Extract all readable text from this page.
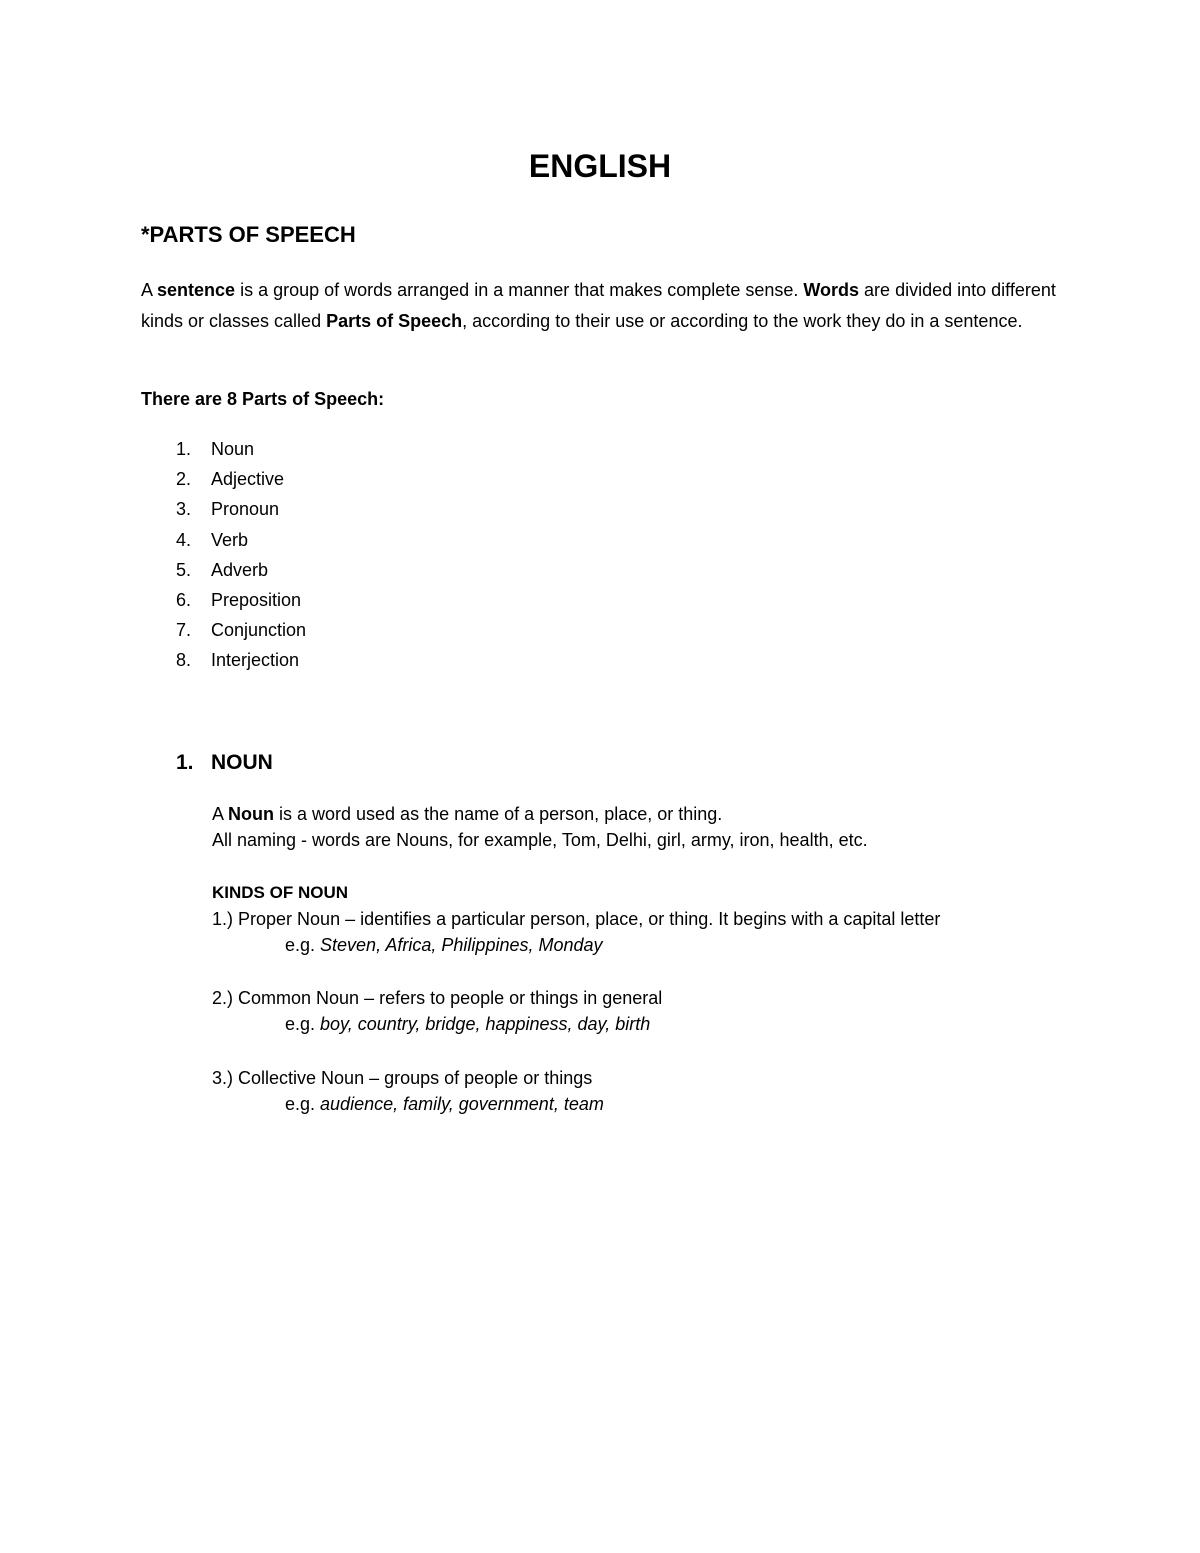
ENGLISH
*PARTS OF SPEECH

A sentence is a group of words arranged in a manner that makes complete sense. Words are divided into different kinds or classes called Parts of Speech, according to their use or according to the work they do in a sentence.

There are 8 Parts of Speech:
1. Noun
2. Adjective
3. Pronoun
4. Verb
5. Adverb
6. Preposition
7. Conjunction
8. Interjection
1. NOUN
A Noun is a word used as the name of a person, place, or thing.
All naming - words are Nouns, for example, Tom, Delhi, girl, army, iron, health, etc.
KINDS OF NOUN
1.) Proper Noun – identifies a particular person, place, or thing. It begins with a capital letter
e.g. Steven, Africa, Philippines, Monday
2.) Common Noun – refers to people or things in general
e.g. boy, country, bridge, happiness, day, birth
3.) Collective Noun – groups of people or things
e.g. audience, family, government, team
